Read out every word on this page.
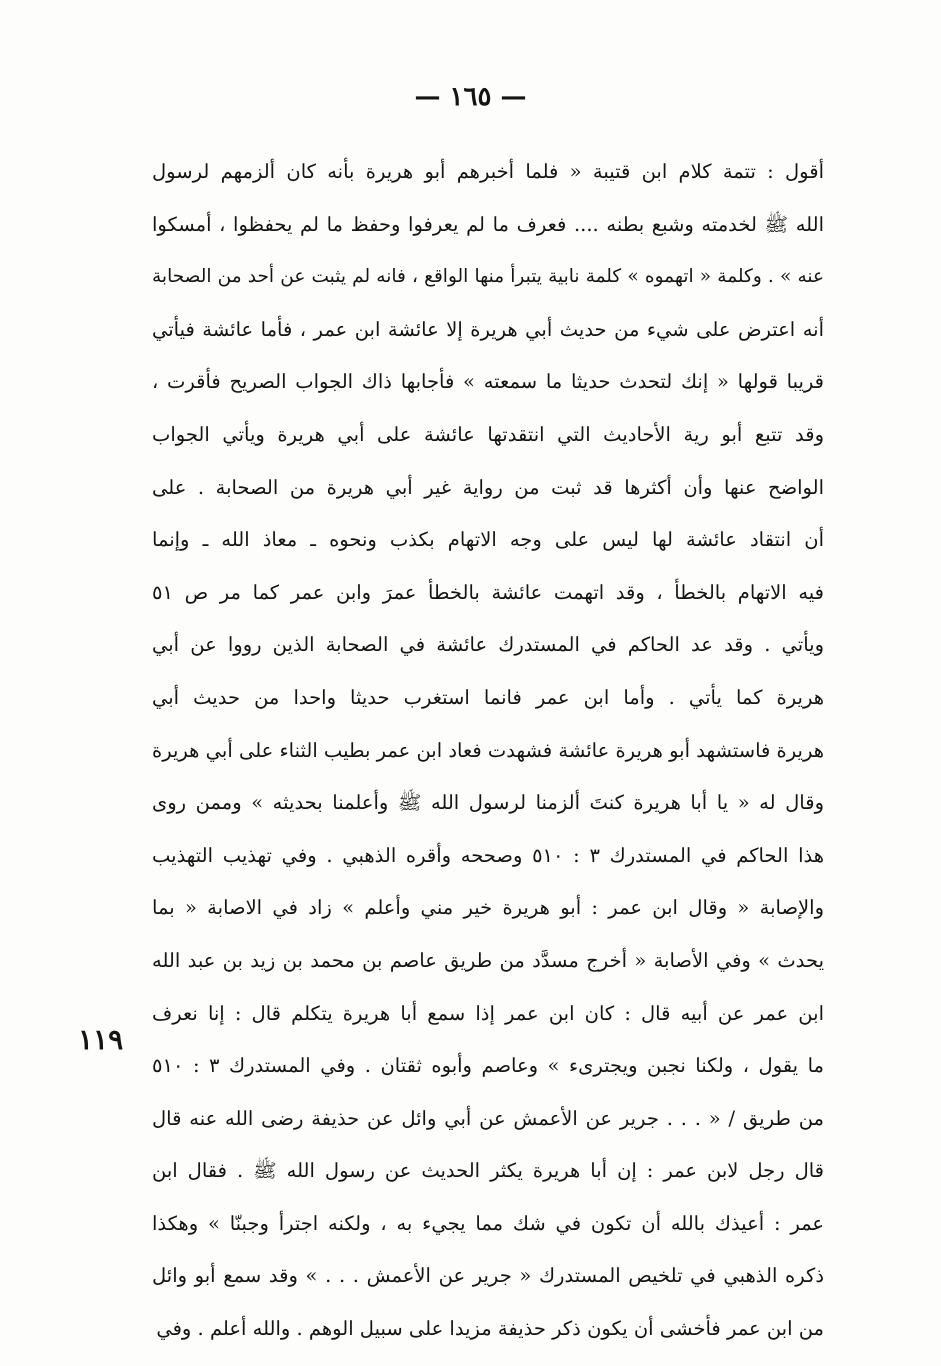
— ١٦٥ —
١١٩
أقول : تتمة كلام ابن قتيبة « فلما أخبرهم أبو هريرة بأنه كان ألزمهم لرسول
الله ﷺ لخدمته وشبع بطنه .... فعرف ما لم يعرفوا وحفظ ما لم يحفظوا ، أمسكوا
عنه » . وكلمة « اتهموه » كلمة نابية يتبرأ منها الواقع ، فانه لم يثبت عن أحد من الصحابة
أنه اعترض على شيء من حديث أبي هريرة إلا عائشة ابن عمر ، فأما عائشة فيأتي
قريبا قولها « إنك لتحدث حديثا ما سمعته » فأجابها ذاك الجواب الصريح فأقرت ،
وقد تتبع أبو رية الأحاديث التي انتقدتها عائشة على أبي هريرة ويأتي الجواب
الواضح عنها وأن أكثرها قد ثبت من رواية غير أبي هريرة من الصحابة . على
أن انتقاد عائشة لها ليس على وجه الاتهام بكذب ونحوه ـ معاذ الله ـ وإنما
فيه الاتهام بالخطأ ، وقد اتهمت عائشة بالخطأ عمرَ وابن عمر كما مر ص ٥١
ويأتي . وقد عد الحاكم في المستدرك عائشة في الصحابة الذين رووا عن أبي
هريرة كما يأتي . وأما ابن عمر فانما استغرب حديثا واحدا من حديث أبي
هريرة فاستشهد أبو هريرة عائشة فشهدت فعاد ابن عمر بطيب الثناء على أبي هريرة
وقال له « يا أبا هريرة كنتَ ألزمنا لرسول الله ﷺ وأعلمنا بحديثه » وممن روى
هذا الحاكم في المستدرك ٣ : ٥١٠ وصححه وأقره الذهبي . وفي تهذيب التهذيب
والإصابة « وقال ابن عمر : أبو هريرة خير مني وأعلم » زاد في الاصابة « بما
يحدث » وفي الأصابة « أخرج مسدَّد من طريق عاصم بن محمد بن زيد بن عبد الله
ابن عمر عن أبيه قال : كان ابن عمر إذا سمع أبا هريرة يتكلم قال : إنا نعرف
ما يقول ، ولكنا نجبن ويجترىء » وعاصم وأبوه ثقتان . وفي المستدرك ٣ : ٥١٠
من طريق / « . . . جرير عن الأعمش عن أبي وائل عن حذيفة رضى الله عنه قال
قال رجل لابن عمر : إن أبا هريرة يكثر الحديث عن رسول الله ﷺ . فقال ابن
عمر : أعيذك بالله أن تكون في شك مما يجيء به ، ولكنه اجترأ وجبنّا » وهكذا
ذكره الذهبي في تلخيص المستدرك « جرير عن الأعمش . . . » وقد سمع أبو وائل
من ابن عمر فأخشى أن يكون ذكر حذيفة مزيدا على سبيل الوهم . والله أعلم . وفي
